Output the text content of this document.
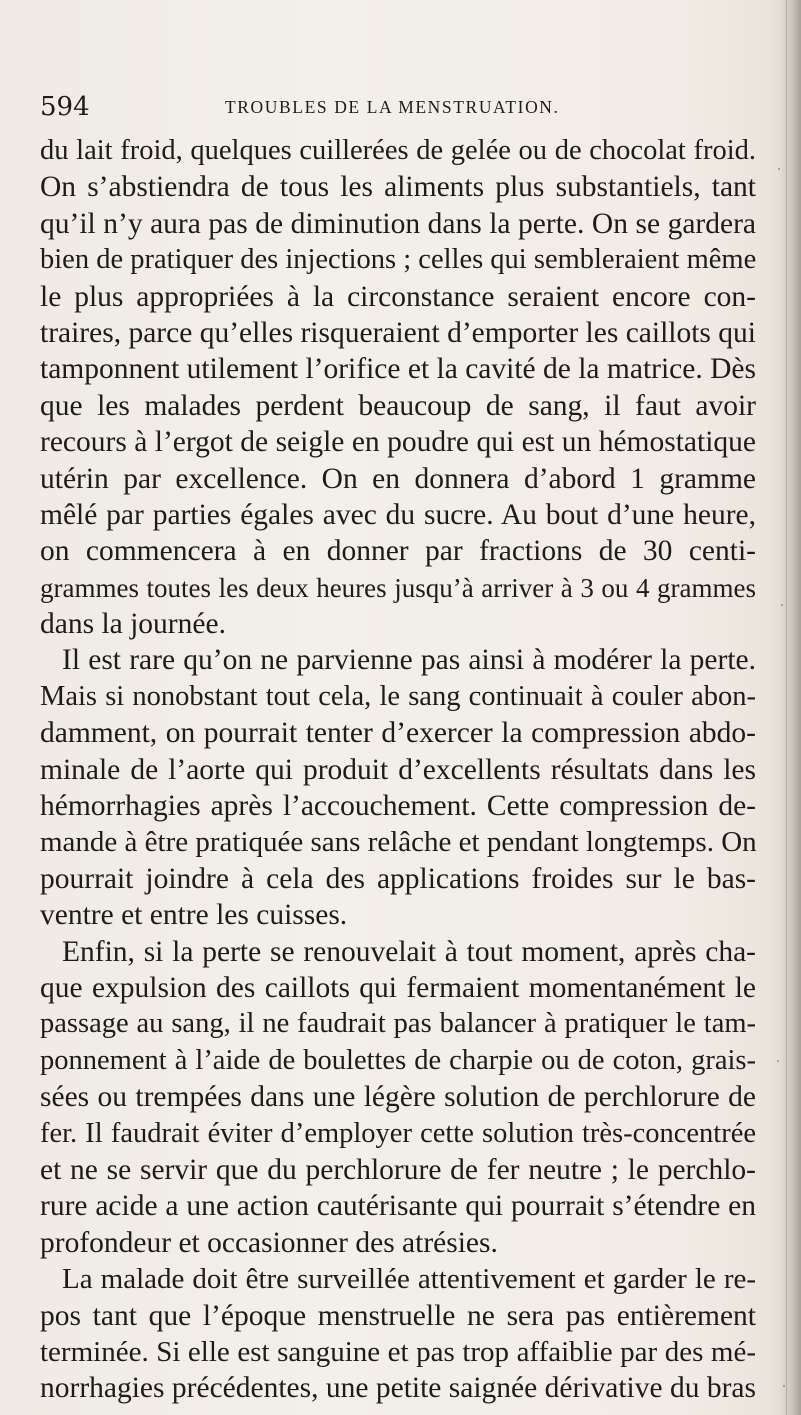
594	TROUBLES DE LA MENSTRUATION.
du lait froid, quelques cuillerées de gelée ou de chocolat froid.
On s’abstiendra de tous les aliments plus substantiels, tant
qu’il n’y aura pas de diminution dans la perte. On se gardera
bien de pratiquer des injections ; celles qui sembleraient même
le plus appropriées à la circonstance seraient encore con-
traires, parce qu’elles risqueraient d’emporter les caillots qui
tamponnent utilement l’orifice et la cavité de la matrice. Dès
que les malades perdent beaucoup de sang, il faut avoir
recours à l’ergot de seigle en poudre qui est un hémostatique
utérin par excellence. On en donnera d’abord 1 gramme
mêlé par parties égales avec du sucre. Au bout d’une heure,
on commencera à en donner par fractions de 30 centi-
grammes toutes les deux heures jusqu’à arriver à 3 ou 4 grammes
dans la journée.
Il est rare qu’on ne parvienne pas ainsi à modérer la perte.
Mais si nonobstant tout cela, le sang continuait à couler abon-
damment, on pourrait tenter d’exercer la compression abdo-
minale de l’aorte qui produit d’excellents résultats dans les
hémorrhagies après l’accouchement. Cette compression de-
mande à être pratiquée sans relâche et pendant longtemps. On
pourrait joindre à cela des applications froides sur le bas-
ventre et entre les cuisses.
Enfin, si la perte se renouvelait à tout moment, après cha-
que expulsion des caillots qui fermaient momentanément le
passage au sang, il ne faudrait pas balancer à pratiquer le tam-
ponnement à l’aide de boulettes de charpie ou de coton, grais-
sées ou trempées dans une légère solution de perchlorure de
fer. Il faudrait éviter d’employer cette solution très-concentrée
et ne se servir que du perchlorure de fer neutre ; le perchlo-
rure acide a une action cautérisante qui pourrait s’étendre en
profondeur et occasionner des atrésies.
La malade doit être surveillée attentivement et garder le re-
pos tant que l’époque menstruelle ne sera pas entièrement
terminée. Si elle est sanguine et pas trop affaiblie par des mé-
norrhagies précédentes, une petite saignée dérivative du bras
